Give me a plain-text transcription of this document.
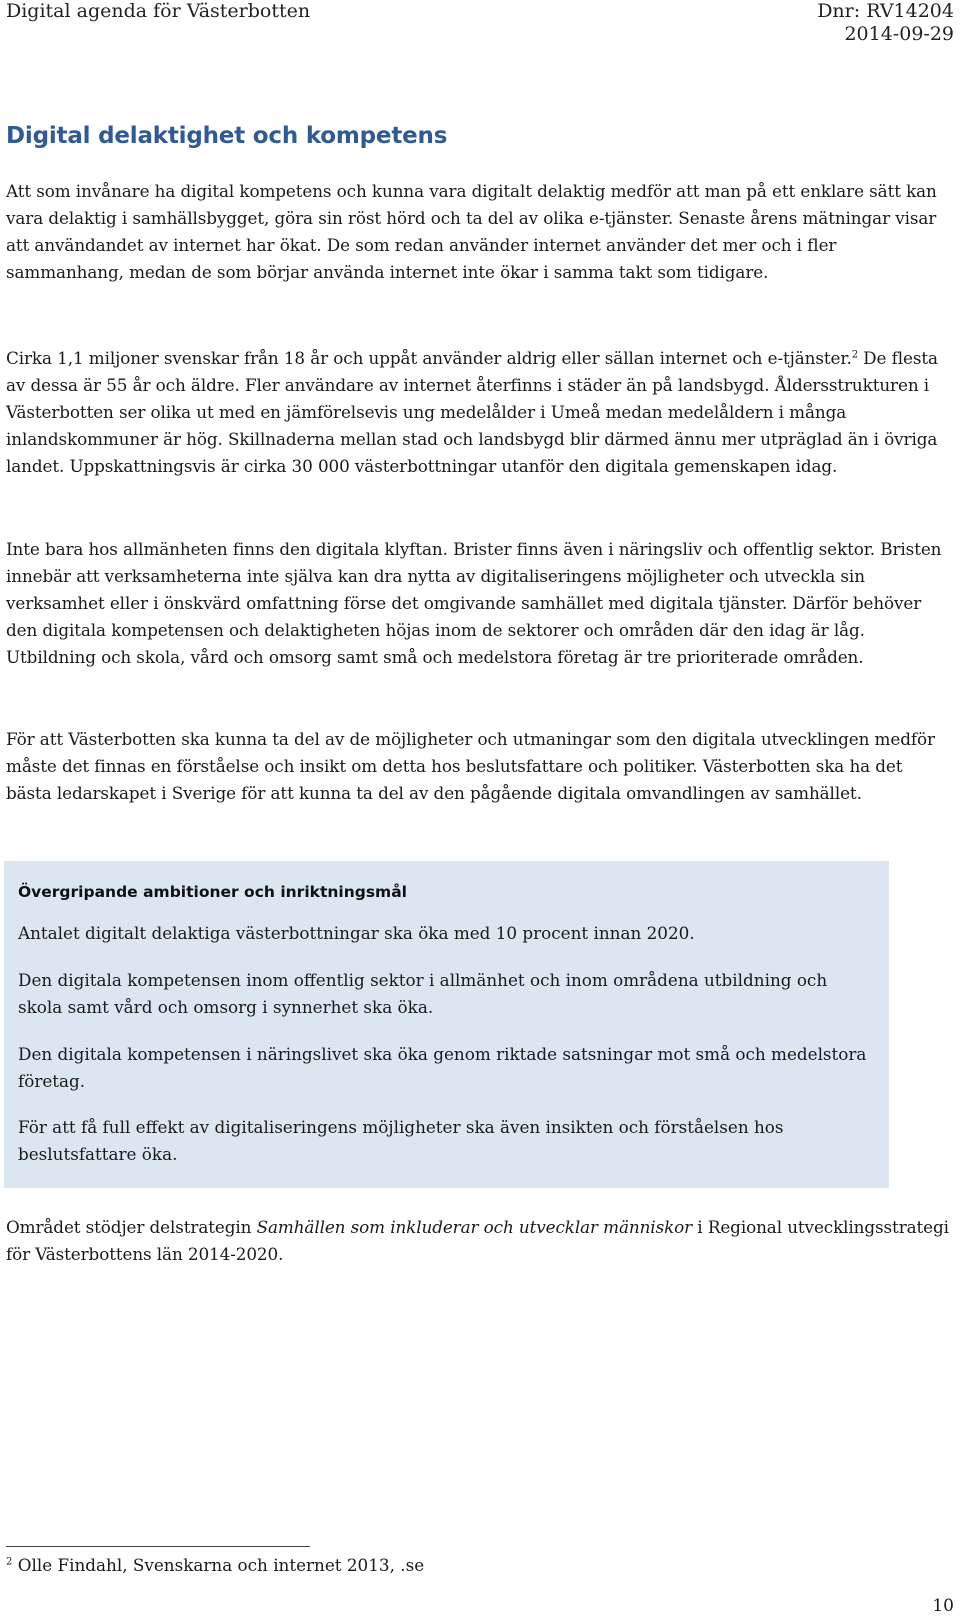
Digital agenda för Västerbotten	Dnr: RV14204
2014-09-29
Digital delaktighet och kompetens

Att som invånare ha digital kompetens och kunna vara digitalt delaktig medför att man på ett enklare sätt kan vara delaktig i samhällsbygget, göra sin röst hörd och ta del av olika e-tjänster. Senaste årens mätningar visar att användandet av internet har ökat. De som redan använder internet använder det mer och i fler sammanhang, medan de som börjar använda internet inte ökar i samma takt som tidigare.

Cirka 1,1 miljoner svenskar från 18 år och uppåt använder aldrig eller sällan internet och e-tjänster.$^2$ De flesta av dessa är 55 år och äldre. Fler användare av internet återfinns i städer än på landsbygd. Åldersstrukturen i Västerbotten ser olika ut med en jämförelsevis ung medelålder i Umeå medan medelåldern i många inlandskommuner är hög. Skillnaderna mellan stad och landsbygd blir därmed ännu mer utpräglad än i övriga landet. Uppskattningsvis är cirka 30 000 västerbottningar utanför den digitala gemenskapen idag.

Inte bara hos allmänheten finns den digitala klyftan. Brister finns även i näringsliv och offentlig sektor. Bristen innebär att verksamheterna inte själva kan dra nytta av digitaliseringens möjligheter och utveckla sin verksamhet eller i önskvärd omfattning förse det omgivande samhället med digitala tjänster. Därför behöver den digitala kompetensen och delaktigheten höjas inom de sektorer och områden där den idag är låg. Utbildning och skola, vård och omsorg samt små och medelstora företag är tre prioriterade områden.

För att Västerbotten ska kunna ta del av de möjligheter och utmaningar som den digitala utvecklingen medför måste det finnas en förståelse och insikt om detta hos beslutsfattare och politiker. Västerbotten ska ha det bästa ledarskapet i Sverige för att kunna ta del av den pågående digitala omvandlingen av samhället.

Övergripande ambitioner och inriktningsmål

Antalet digitalt delaktiga västerbottningar ska öka med 10 procent innan 2020.

Den digitala kompetensen inom offentlig sektor i allmänhet och inom områdena utbildning och skola samt vård och omsorg i synnerhet ska öka.

Den digitala kompetensen i näringslivet ska öka genom riktade satsningar mot små och medelstora företag.

För att få full effekt av digitaliseringens möjligheter ska även insikten och förståelsen hos beslutsfattare öka.

Området stödjer delstrategin Samhällen som inkluderar och utvecklar människor i Regional utvecklingsstrategi för Västerbottens län 2014-2020.

$^2$ Olle Findahl, Svenskarna och internet 2013, .se

10
